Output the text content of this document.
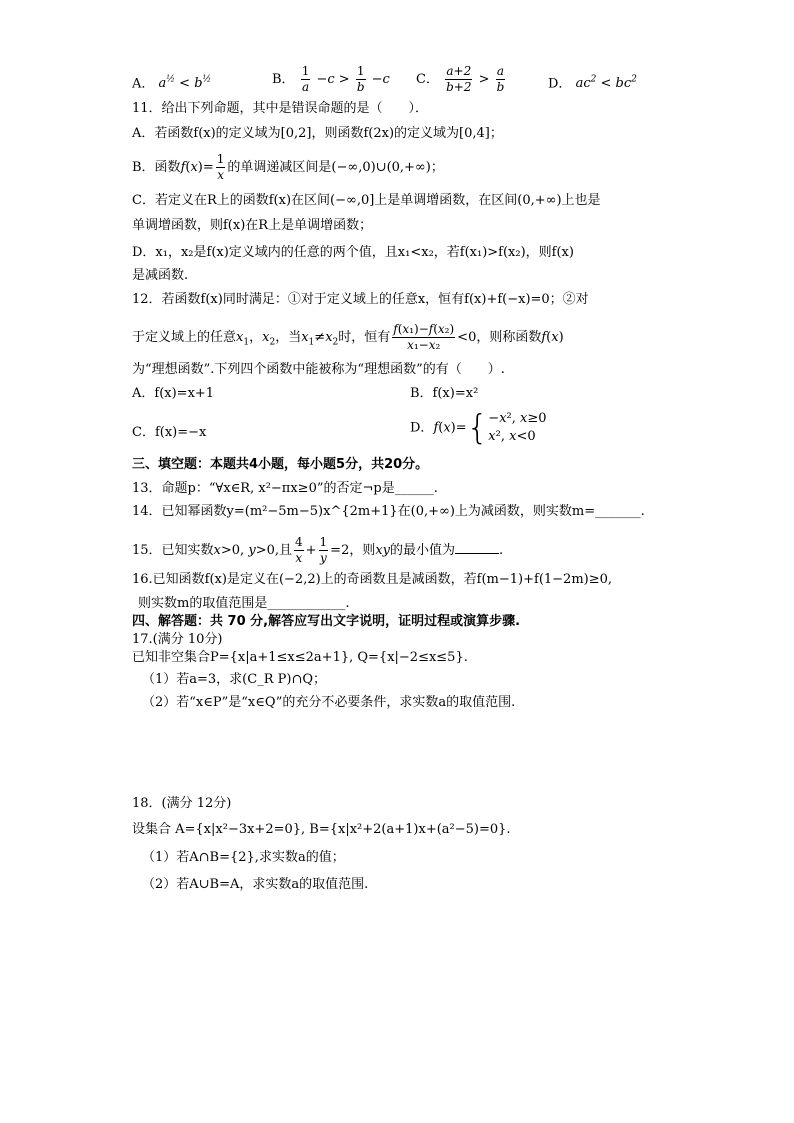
A． $a^{\frac{1}{2}} < b^{\frac{1}{2}}$	B． $\frac{1}{a} -c > \frac{1}{b} -c$ C． $\frac{a+2}{b+2} > \frac{a}{b}$	D． $ac^2 < bc^2$
11．给出下列命题，其中是错误命题的是（　　）．
A．若函数f(x)的定义域为[0,2]，则函数f(2x)的定义域为[0,4]；
B．函数$f(x)= \frac{1}{x}$ 的单调递减区间是(−∞,0)∪(0,+∞)；
C．若定义在R上的函数f(x)在区间(−∞,0]上是单调增函数，在区间(0,+∞)上也是
单调增函数，则f(x)在R上是单调增函数；
D．x₁，x₂是f(x)定义域内的任意的两个值，且x₁<x₂，若f(x₁)>f(x₂)，则f(x)
是减函数.
12．若函数f(x)同时满足：①对于定义域上的任意x，恒有f(x)+f(−x)=0；②对
于定义域上的任意$x_1$，$x_2$，当$x_1\ne x_2$时，恒有 $\frac{\text{f(x₁)−f(x₂)}}{\text{x₁−x₂}} <0$，则称函数f(x)
为“理想函数”.下列四个函数中能被称为“理想函数”的有（　　）.
A．f(x)=x+1	B．f(x)=x²
C．f(x)=−x	D．f(x)={ −x², x≥0
x², x<0
三、填空题：本题共4小题，每小题5分，共20分。
13．命题p：“∀x∈R, x²−πx≥0”的否定¬p是______.
14．已知幂函数y=(m²−5m−5)x^{2m+1}在(0,+∞)上为减函数，则实数m=_______.
15．已知实数x>0, y>0,且 $\frac{4}{x} + \frac{1}{y} =2$，则xy的最小值为	.
16.已知函数f(x)是定义在(−2,2)上的奇函数且是减函数，若f(m−1)+f(1−2m)≥0,
则实数m的取值范围是____________.
四、解答题：共 70 分,解答应写出文字说明，证明过程或演算步骤.
17.(满分 10分)
已知非空集合P={x|a+1≤x≤2a+1}, Q={x|−2≤x≤5}.
（1）若a=3，求(C_R P)∩Q；
（2）若“x∈P”是“x∈Q”的充分不必要条件，求实数a的取值范围.
18．(满分 12分)
设集合 A={x|x²−3x+2=0}, B={x|x²+2(a+1)x+(a²−5)=0}.
（1）若A∩B={2},求实数a的值；
（2）若A∪B=A，求实数a的取值范围.
